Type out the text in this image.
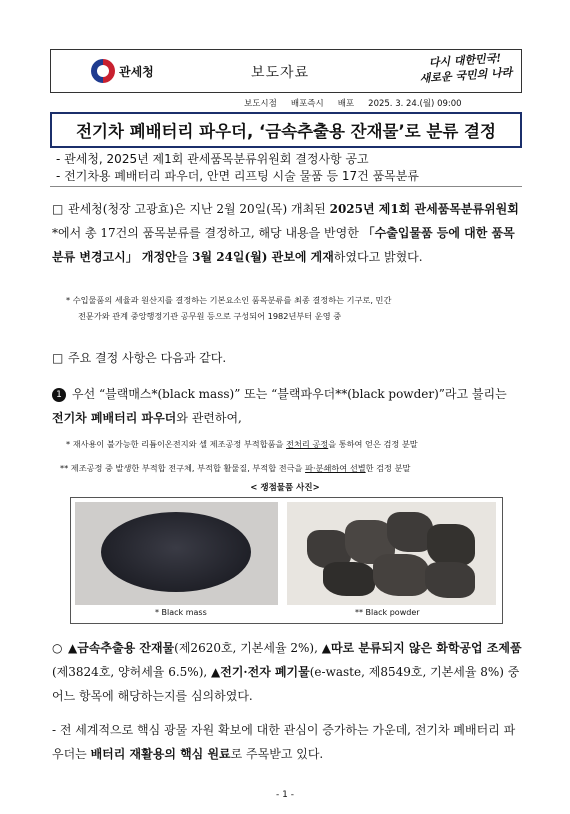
관세청	보도자료
다시 대한민국!
새로운 국민의 나라
보도시점 배포즉시 배포 2025. 3. 24.(월) 09:00
전기차 폐배터리 파우더, ‘금속추출용 잔재물’로 분류 결정
- 관세청, 2025년 제1회 관세품목분류위원회 결정사항 공고
- 전기차용 폐배터리 파우더, 안면 리프팅 시술 물품 등 17건 품목분류
□ 관세청(청장 고광효)은 지난 2월 20일(목) 개최된 2025년 제1회 관세품목분류위원회*에서 총 17건의 품목분류를 결정하고, 해당 내용을 반영한 「수출입물품 등에 대한 품목분류 변경고시」 개정안을 3월 24일(월) 관보에 게재하였다고 밝혔다.
* 수입물품의 세율과 원산지를 결정하는 기본요소인 품목분류를 최종 결정하는 기구로, 민간
전문가와 관계 중앙행정기관 공무원 등으로 구성되어 1982년부터 운영 중
□ 주요 결정 사항은 다음과 같다.
1 우선 “블랙매스*(black mass)” 또는 “블랙파우더**(black powder)”라고 불리는 전기차 폐배터리 파우더와 관련하여,
* 재사용이 불가능한 리튬이온전지와 셀 제조공정 부적합품을 전처리 공정을 통하여 얻은 검정 분말
** 제조공정 중 발생한 부적합 전구체, 부적합 활물질, 부적합 전극을 파·분쇄하여 선별한 검정 분말
< 쟁점물품 사진>
* Black mass	** Black powder
○ ▲금속추출용 잔재물(제2620호, 기본세율 2%), ▲따로 분류되지 않은 화학공업 조제품(제3824호, 양허세율 6.5%), ▲전기·전자 폐기물(e-waste, 제8549호, 기본세율 8%) 중 어느 항목에 해당하는지를 심의하였다.
- 전 세계적으로 핵심 광물 자원 확보에 대한 관심이 증가하는 가운데, 전기차 폐배터리 파우더는 배터리 재활용의 핵심 원료로 주목받고 있다.
- 1 -
